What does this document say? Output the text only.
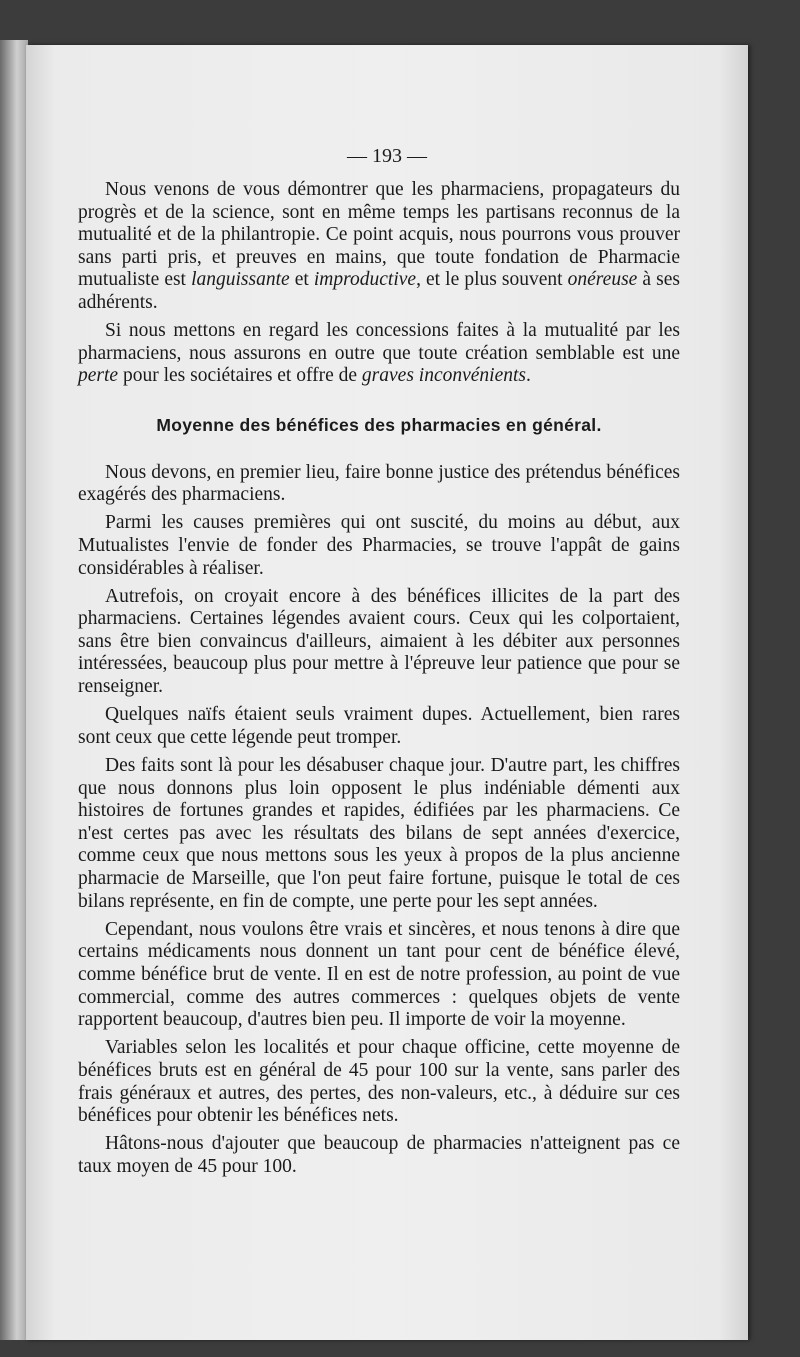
— 193 —

Nous venons de vous démontrer que les pharmaciens, propagateurs du progrès et de la science, sont en même temps les partisans reconnus de la mutualité et de la philantropie. Ce point acquis, nous pourrons vous prouver sans parti pris, et preuves en mains, que toute fondation de Pharmacie mutualiste est languissante et improductive, et le plus souvent onéreuse à ses adhérents.

Si nous mettons en regard les concessions faites à la mutualité par les pharmaciens, nous assurons en outre que toute création semblable est une perte pour les sociétaires et offre de graves inconvénients.

Moyenne des bénéfices des pharmacies en général.

Nous devons, en premier lieu, faire bonne justice des prétendus bénéfices exagérés des pharmaciens.

Parmi les causes premières qui ont suscité, du moins au début, aux Mutualistes l'envie de fonder des Pharmacies, se trouve l'appât de gains considérables à réaliser.

Autrefois, on croyait encore à des bénéfices illicites de la part des pharmaciens. Certaines légendes avaient cours. Ceux qui les colportaient, sans être bien convaincus d'ailleurs, aimaient à les débiter aux personnes intéressées, beaucoup plus pour mettre à l'épreuve leur patience que pour se renseigner.

Quelques naïfs étaient seuls vraiment dupes. Actuellement, bien rares sont ceux que cette légende peut tromper.

Des faits sont là pour les désabuser chaque jour. D'autre part, les chiffres que nous donnons plus loin opposent le plus indéniable démenti aux histoires de fortunes grandes et rapides, édifiées par les pharmaciens. Ce n'est certes pas avec les résultats des bilans de sept années d'exercice, comme ceux que nous mettons sous les yeux à propos de la plus ancienne pharmacie de Marseille, que l'on peut faire fortune, puisque le total de ces bilans représente, en fin de compte, une perte pour les sept années.

Cependant, nous voulons être vrais et sincères, et nous tenons à dire que certains médicaments nous donnent un tant pour cent de bénéfice élevé, comme bénéfice brut de vente. Il en est de notre profession, au point de vue commercial, comme des autres commerces : quelques objets de vente rapportent beaucoup, d'autres bien peu. Il importe de voir la moyenne.

Variables selon les localités et pour chaque officine, cette moyenne de bénéfices bruts est en général de 45 pour 100 sur la vente, sans parler des frais généraux et autres, des pertes, des non-valeurs, etc., à déduire sur ces bénéfices pour obtenir les bénéfices nets.

Hâtons-nous d'ajouter que beaucoup de pharmacies n'atteignent pas ce taux moyen de 45 pour 100.
